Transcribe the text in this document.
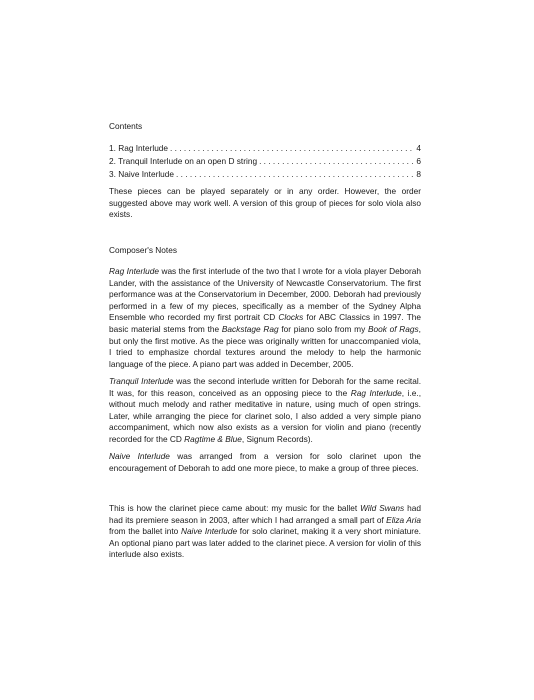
Contents
1. Rag Interlude . . .	4
2. Tranquil Interlude on an open D string . . .	6
3. Naive Interlude . . .	8

These pieces can be played separately or in any order. However, the order suggested above may work well. A version of this group of pieces for solo viola also exists.

Composer's Notes

Rag Interlude was the first interlude of the two that I wrote for a viola player Deborah Lander, with the assistance of the University of Newcastle Conservatorium. The first performance was at the Conservatorium in December, 2000. Deborah had previously performed in a few of my pieces, specifically as a member of the Sydney Alpha Ensemble who recorded my first portrait CD Clocks for ABC Classics in 1997. The basic material stems from the Backstage Rag for piano solo from my Book of Rags, but only the first motive. As the piece was originally written for unaccompanied viola, I tried to emphasize chordal textures around the melody to help the harmonic language of the piece. A piano part was added in December, 2005.

Tranquil Interlude was the second interlude written for Deborah for the same recital. It was, for this reason, conceived as an opposing piece to the Rag Interlude, i.e., without much melody and rather meditative in nature, using much of open strings. Later, while arranging the piece for clarinet solo, I also added a very simple piano accompaniment, which now also exists as a version for violin and piano (recently recorded for the CD Ragtime & Blue, Signum Records).

Naive Interlude was arranged from a version for solo clarinet upon the encouragement of Deborah to add one more piece, to make a group of three pieces.

This is how the clarinet piece came about: my music for the ballet Wild Swans had had its premiere season in 2003, after which I had arranged a small part of Eliza Aria from the ballet into Naive Interlude for solo clarinet, making it a very short miniature. An optional piano part was later added to the clarinet piece. A version for violin of this interlude also exists.
